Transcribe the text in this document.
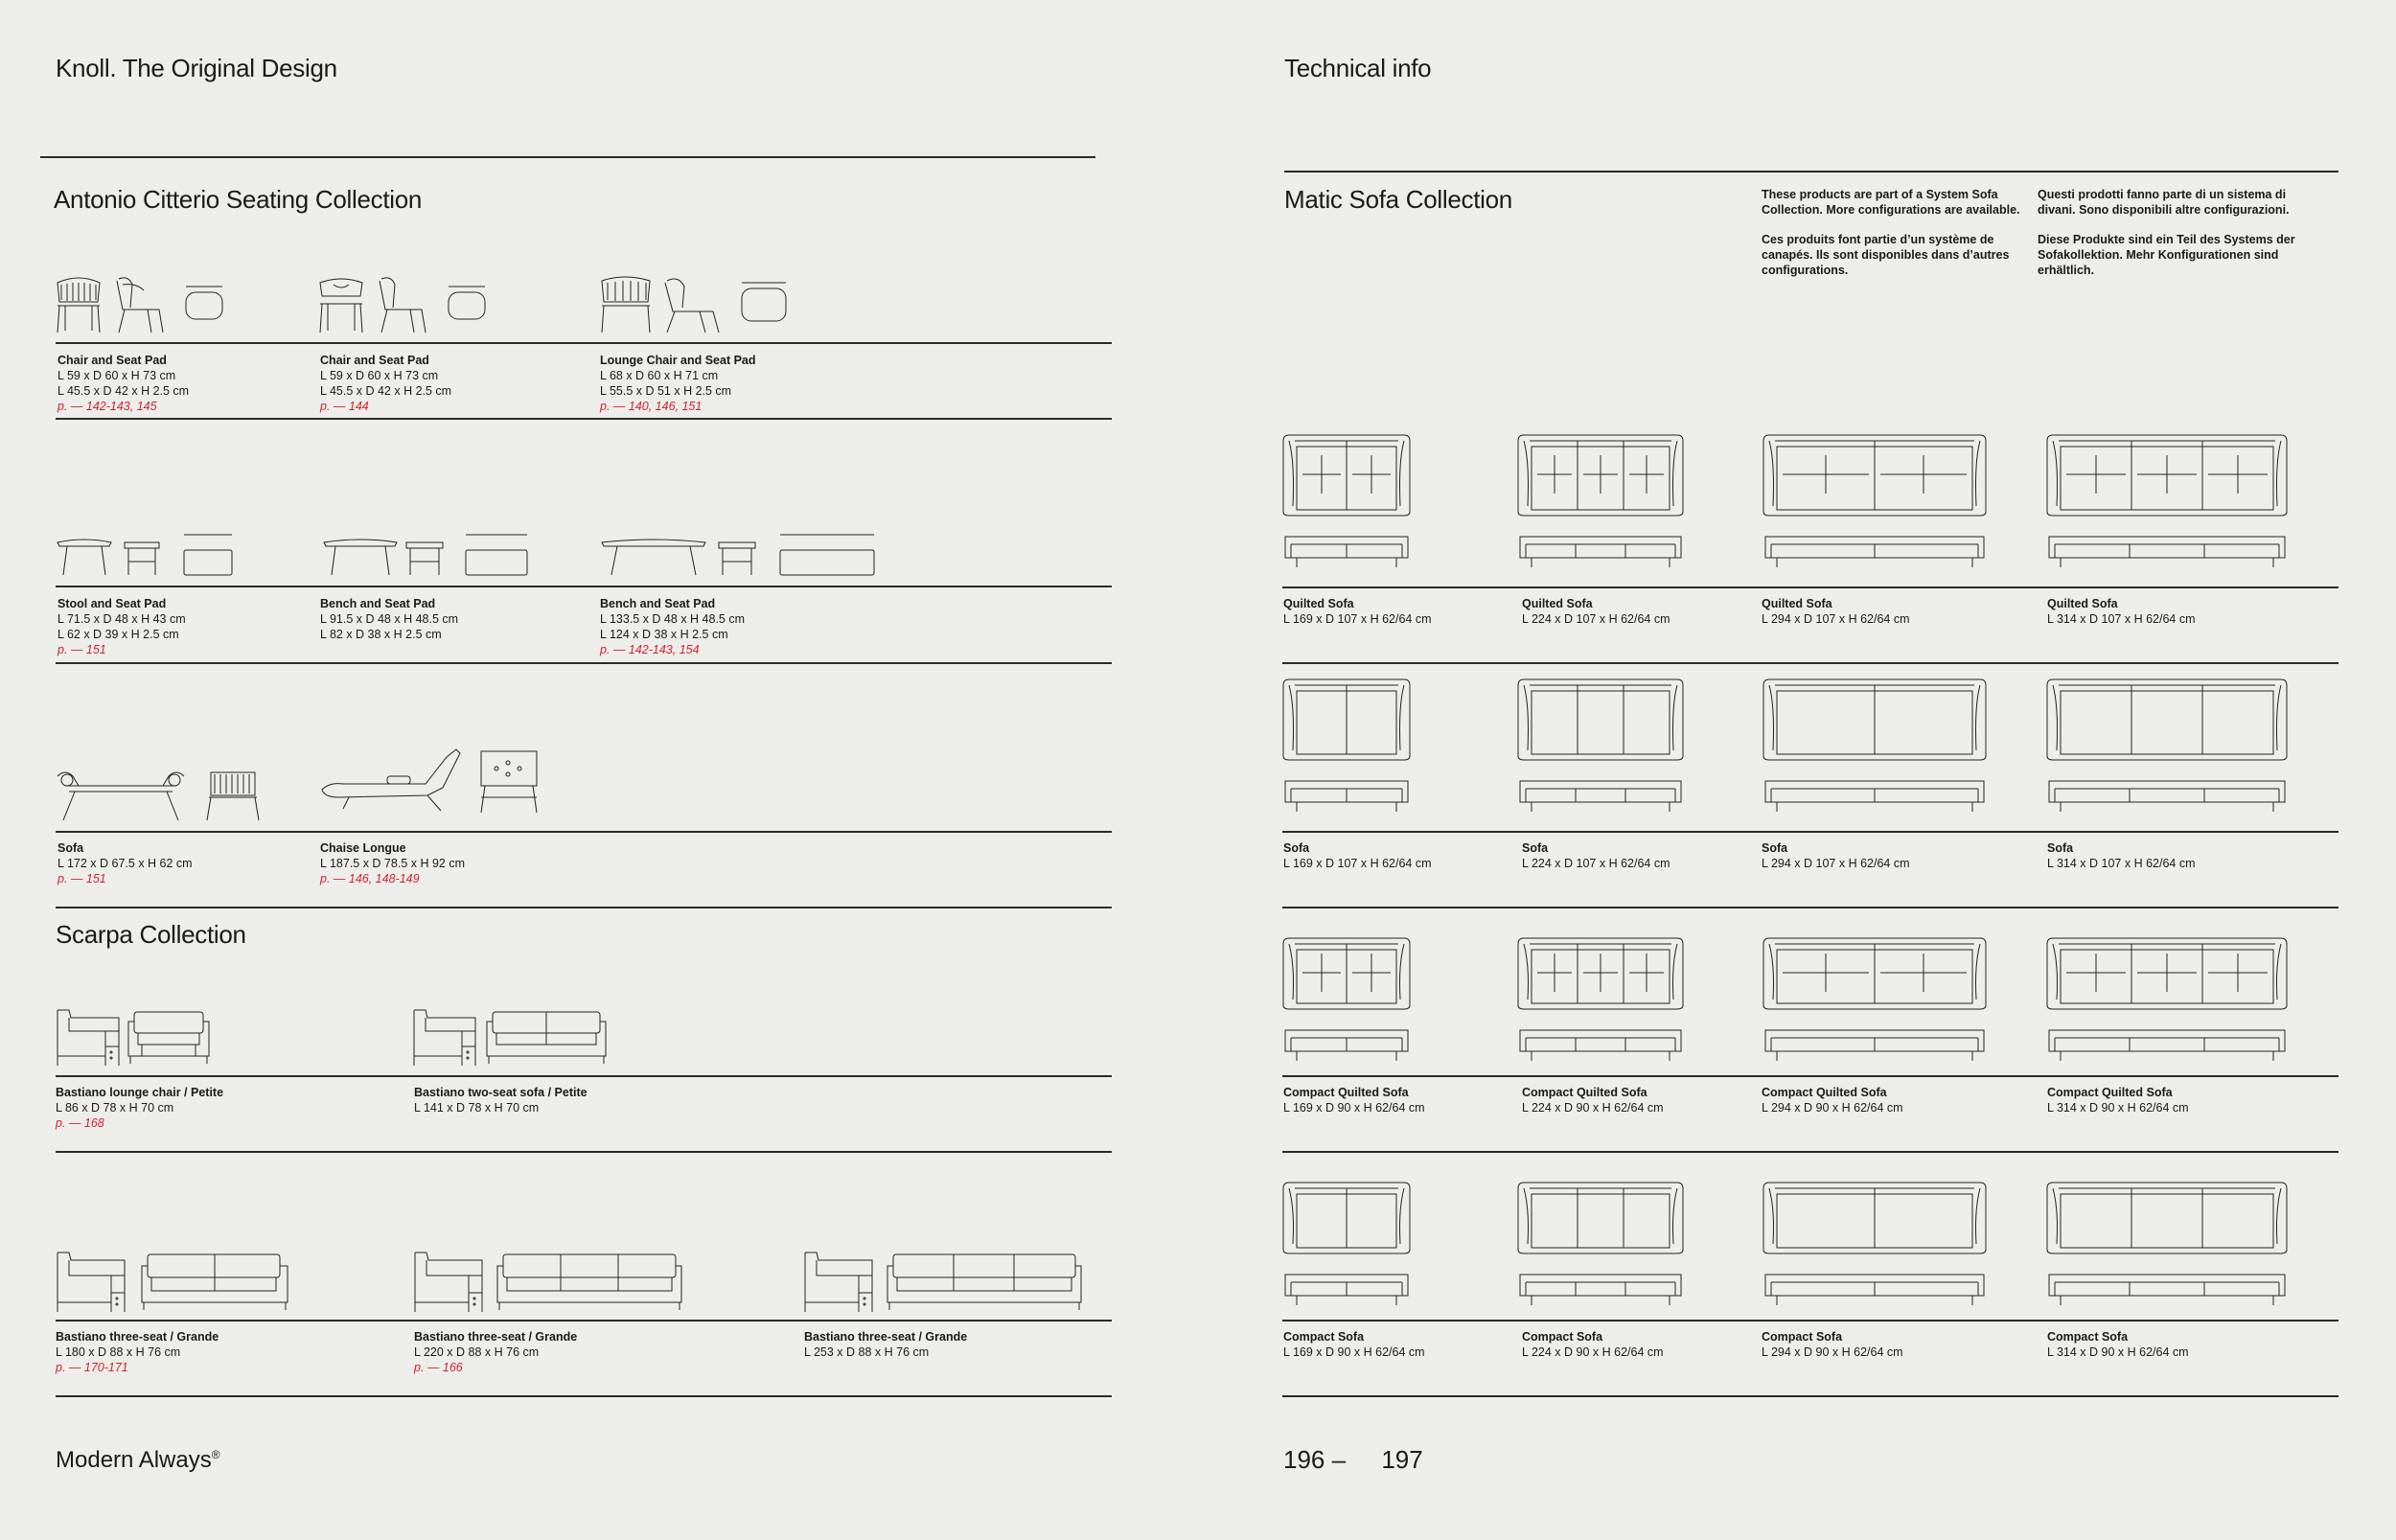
Knoll. The Original Design	Technical info
Antonio Citterio Seating Collection
Scarpa Collection
Matic Sofa Collection	These products are part of a System Sofa Collection. More configurations are available.

Ces produits font partie d’un système de canapés. Ils sont disponibles dans d’autres configurations.

Questi prodotti fanno parte di un sistema di divani. Sono disponibili altre configurazioni.

Diese Produkte sind ein Teil des Systems der Sofakollektion. Mehr Konfigurationen sind erhältlich.

Chair and Seat Pad
L 59 x D 60 x H 73 cm
L 45.5 x D 42 x H 2.5 cm
p. — 142-143, 145
Chair and Seat Pad
L 59 x D 60 x H 73 cm
L 45.5 x D 42 x H 2.5 cm
p. — 144
Lounge Chair and Seat Pad
L 68 x D 60 x H 71 cm
L 55.5 x D 51 x H 2.5 cm
p. — 140, 146, 151
Stool and Seat Pad
L 71.5 x D 48 x H 43 cm
L 62 x D 39 x H 2.5 cm
p. — 151
Bench and Seat Pad
L 91.5 x D 48 x H 48.5 cm
L 82 x D 38 x H 2.5 cm
Bench and Seat Pad
L 133.5 x D 48 x H 48.5 cm
L 124 x D 38 x H 2.5 cm
p. — 142-143, 154
Sofa
L 172 x D 67.5 x H 62 cm
p. — 151
Chaise Longue
L 187.5 x D 78.5 x H 92 cm
p. — 146, 148-149
Bastiano lounge chair / Petite
L 86 x D 78 x H 70 cm
p. — 168
Bastiano two-seat sofa / Petite
L 141 x D 78 x H 70 cm
Bastiano three-seat / Grande
L 180 x D 88 x H 76 cm
p. — 170-171
Bastiano three-seat / Grande
L 220 x D 88 x H 76 cm
p. — 166
Bastiano three-seat / Grande
L 253 x D 88 x H 76 cm
Quilted Sofa
L 169 x D 107 x H 62/64 cm
Quilted Sofa
L 224 x D 107 x H 62/64 cm
Quilted Sofa
L 294 x D 107 x H 62/64 cm
Quilted Sofa
L 314 x D 107 x H 62/64 cm
Sofa
L 169 x D 107 x H 62/64 cm
Sofa
L 224 x D 107 x H 62/64 cm
Sofa
L 294 x D 107 x H 62/64 cm
Sofa
L 314 x D 107 x H 62/64 cm
Compact Quilted Sofa
L 169 x D 90 x H 62/64 cm
Compact Quilted Sofa
L 224 x D 90 x H 62/64 cm
Compact Quilted Sofa
L 294 x D 90 x H 62/64 cm
Compact Quilted Sofa
L 314 x D 90 x H 62/64 cm
Compact Sofa
L 169 x D 90 x H 62/64 cm
Compact Sofa
L 224 x D 90 x H 62/64 cm
Compact Sofa
L 294 x D 90 x H 62/64 cm
Compact Sofa
L 314 x D 90 x H 62/64 cm
Modern Always®	196 – 197
